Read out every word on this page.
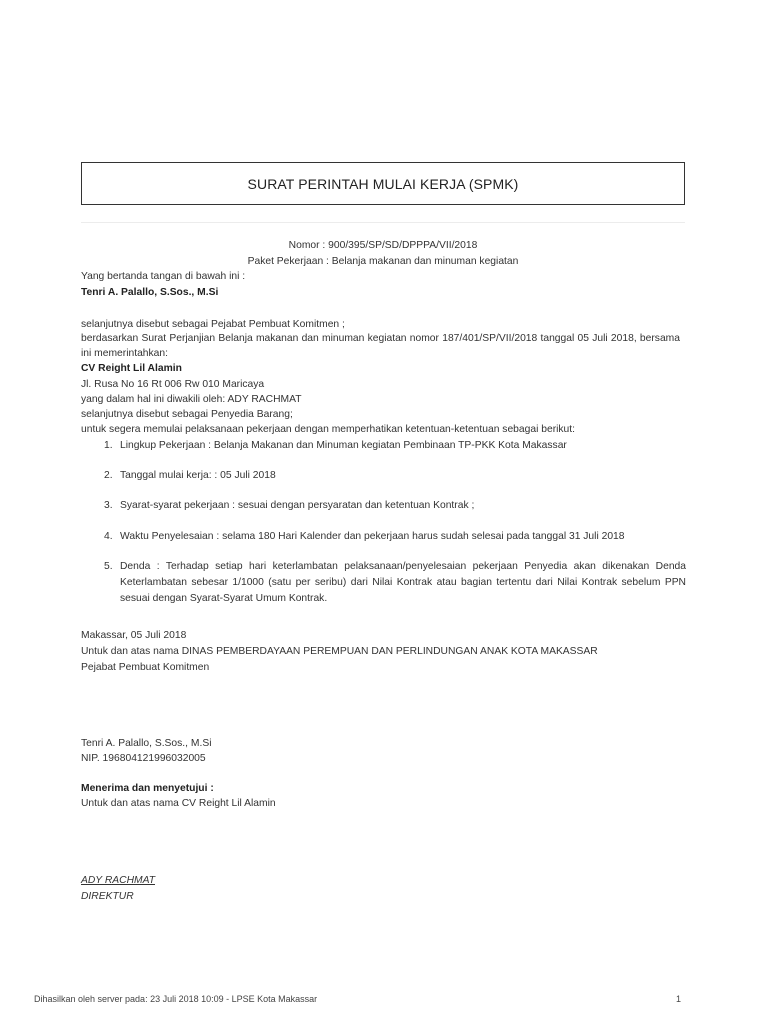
SURAT PERINTAH MULAI KERJA (SPMK)
Nomor : 900/395/SP/SD/DPPPA/VII/2018
Paket Pekerjaan : Belanja makanan dan minuman kegiatan
Yang bertanda tangan di bawah ini :
Tenri A. Palallo, S.Sos., M.Si
selanjutnya disebut sebagai Pejabat Pembuat Komitmen ;
berdasarkan Surat Perjanjian Belanja makanan dan minuman kegiatan nomor 187/401/SP/VII/2018 tanggal 05 Juli 2018, bersama
ini memerintahkan:
CV Reight Lil Alamin
Jl. Rusa No 16 Rt 006 Rw 010 Maricaya
yang dalam hal ini diwakili oleh: ADY RACHMAT
selanjutnya disebut sebagai Penyedia Barang;
untuk segera memulai pelaksanaan pekerjaan dengan memperhatikan ketentuan-ketentuan sebagai berikut:
1. Lingkup Pekerjaan : Belanja Makanan dan Minuman kegiatan Pembinaan TP-PKK Kota Makassar
2. Tanggal mulai kerja: : 05 Juli 2018
3. Syarat-syarat pekerjaan : sesuai dengan persyaratan dan ketentuan Kontrak ;
4. Waktu Penyelesaian : selama 180 Hari Kalender dan pekerjaan harus sudah selesai pada tanggal 31 Juli 2018
5. Denda : Terhadap setiap hari keterlambatan pelaksanaan/penyelesaian pekerjaan Penyedia akan dikenakan Denda
Keterlambatan sebesar 1/1000 (satu per seribu) dari Nilai Kontrak atau bagian tertentu dari Nilai Kontrak sebelum PPN
sesuai dengan Syarat-Syarat Umum Kontrak.
Makassar, 05 Juli 2018
Untuk dan atas nama DINAS PEMBERDAYAAN PEREMPUAN DAN PERLINDUNGAN ANAK KOTA MAKASSAR
Pejabat Pembuat Komitmen
Tenri A. Palallo, S.Sos., M.Si
NIP. 196804121996032005
Menerima dan menyetujui :
Untuk dan atas nama CV Reight Lil Alamin
ADY RACHMAT
DIREKTUR
Dihasilkan oleh server pada: 23 Juli 2018 10:09 - LPSE Kota Makassar	1
